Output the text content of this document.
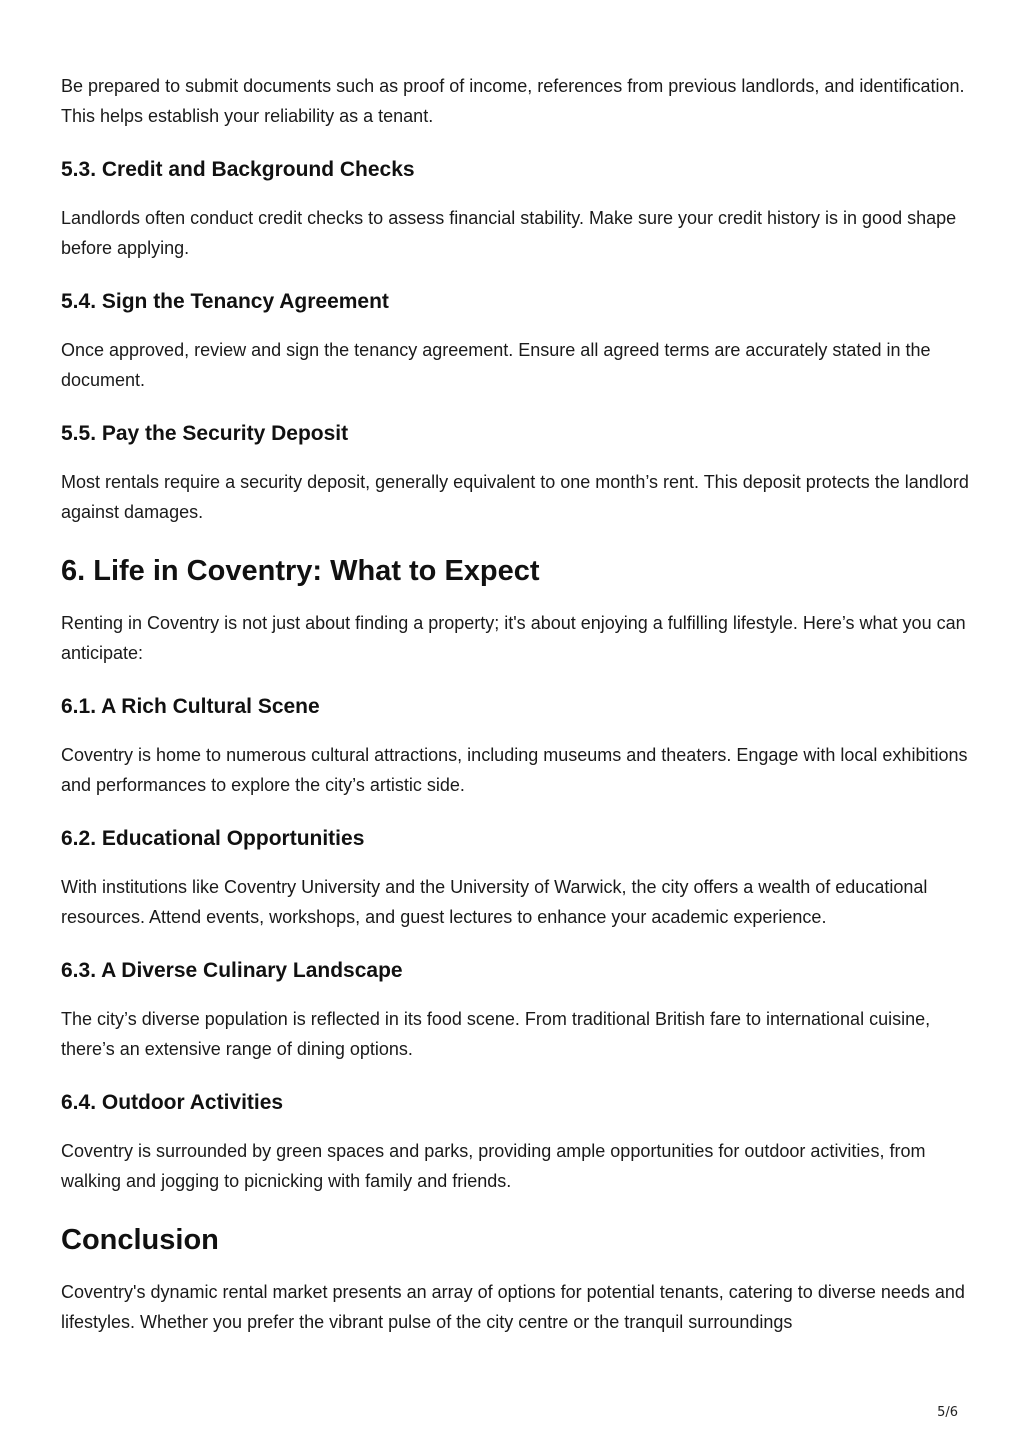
Be prepared to submit documents such as proof of income, references from previous landlords, and identification. This helps establish your reliability as a tenant.

5.3. Credit and Background Checks

Landlords often conduct credit checks to assess financial stability. Make sure your credit history is in good shape before applying.

5.4. Sign the Tenancy Agreement

Once approved, review and sign the tenancy agreement. Ensure all agreed terms are accurately stated in the document.

5.5. Pay the Security Deposit

Most rentals require a security deposit, generally equivalent to one month’s rent. This deposit protects the landlord against damages.

6. Life in Coventry: What to Expect

Renting in Coventry is not just about finding a property; it's about enjoying a fulfilling lifestyle. Here’s what you can anticipate:

6.1. A Rich Cultural Scene

Coventry is home to numerous cultural attractions, including museums and theaters. Engage with local exhibitions and performances to explore the city’s artistic side.

6.2. Educational Opportunities

With institutions like Coventry University and the University of Warwick, the city offers a wealth of educational resources. Attend events, workshops, and guest lectures to enhance your academic experience.

6.3. A Diverse Culinary Landscape

The city’s diverse population is reflected in its food scene. From traditional British fare to international cuisine, there’s an extensive range of dining options.

6.4. Outdoor Activities

Coventry is surrounded by green spaces and parks, providing ample opportunities for outdoor activities, from walking and jogging to picnicking with family and friends.

Conclusion

Coventry's dynamic rental market presents an array of options for potential tenants, catering to diverse needs and lifestyles. Whether you prefer the vibrant pulse of the city centre or the tranquil surroundings

5/6
